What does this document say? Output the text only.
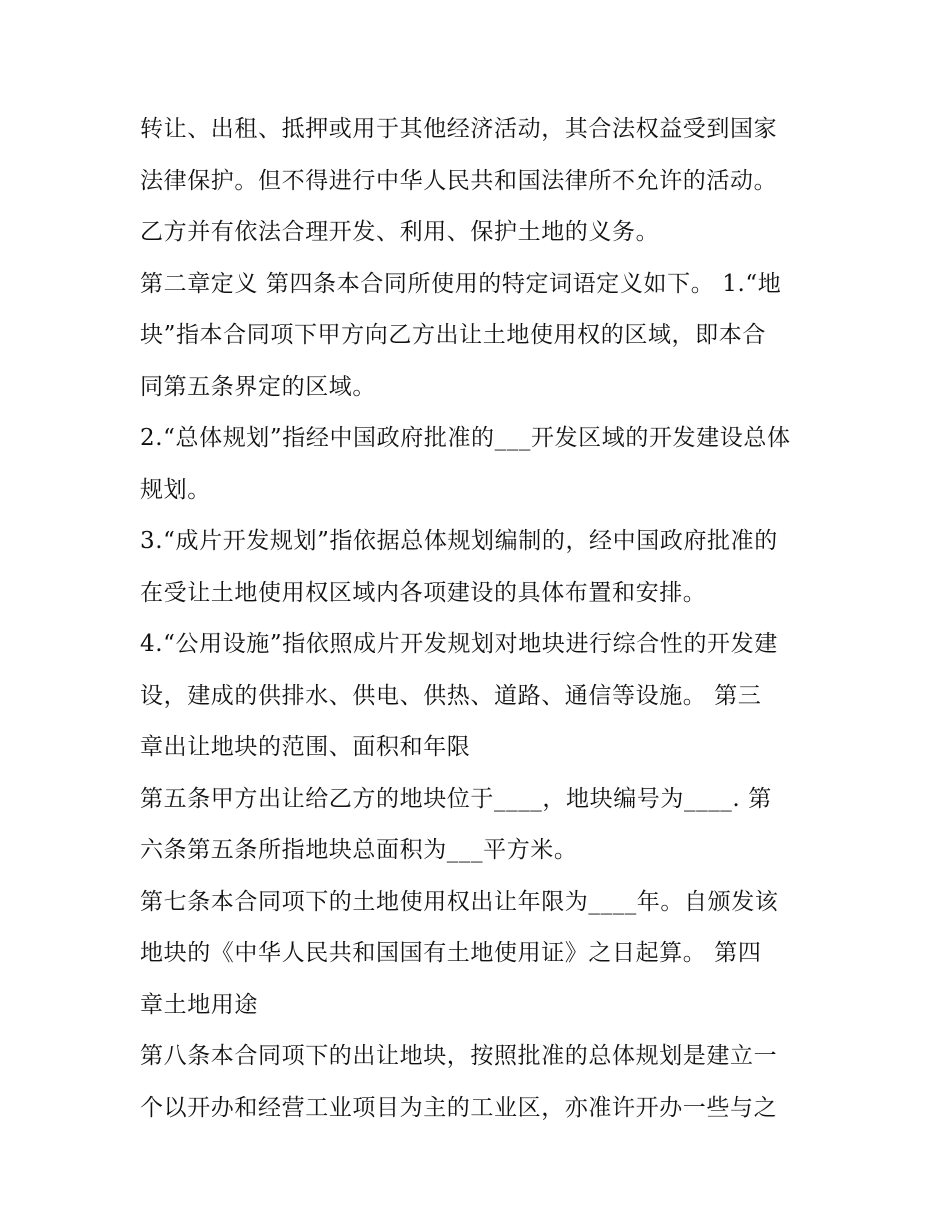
转让、出租、抵押或用于其他经济活动，其合法权益受到国家
法律保护。但不得进行中华人民共和国法律所不允许的活动。
乙方并有依法合理开发、利用、保护土地的义务。

第二章定义 第四条本合同所使用的特定词语定义如下。 1.“地
块”指本合同项下甲方向乙方出让土地使用权的区域，即本合
同第五条界定的区域。

2.“总体规划”指经中国政府批准的___开发区域的开发建设总体
规划。

3.“成片开发规划”指依据总体规划编制的，经中国政府批准的
在受让土地使用权区域内各项建设的具体布置和安排。

4.“公用设施”指依照成片开发规划对地块进行综合性的开发建
设，建成的供排水、供电、供热、道路、通信等设施。 第三
章出让地块的范围、面积和年限

第五条甲方出让给乙方的地块位于____，地块编号为____. 第
六条第五条所指地块总面积为___平方米。

第七条本合同项下的土地使用权出让年限为____年。自颁发该
地块的《中华人民共和国国有土地使用证》之日起算。 第四
章土地用途

第八条本合同项下的出让地块，按照批准的总体规划是建立一
个以开办和经营工业项目为主的工业区，亦准许开办一些与之
